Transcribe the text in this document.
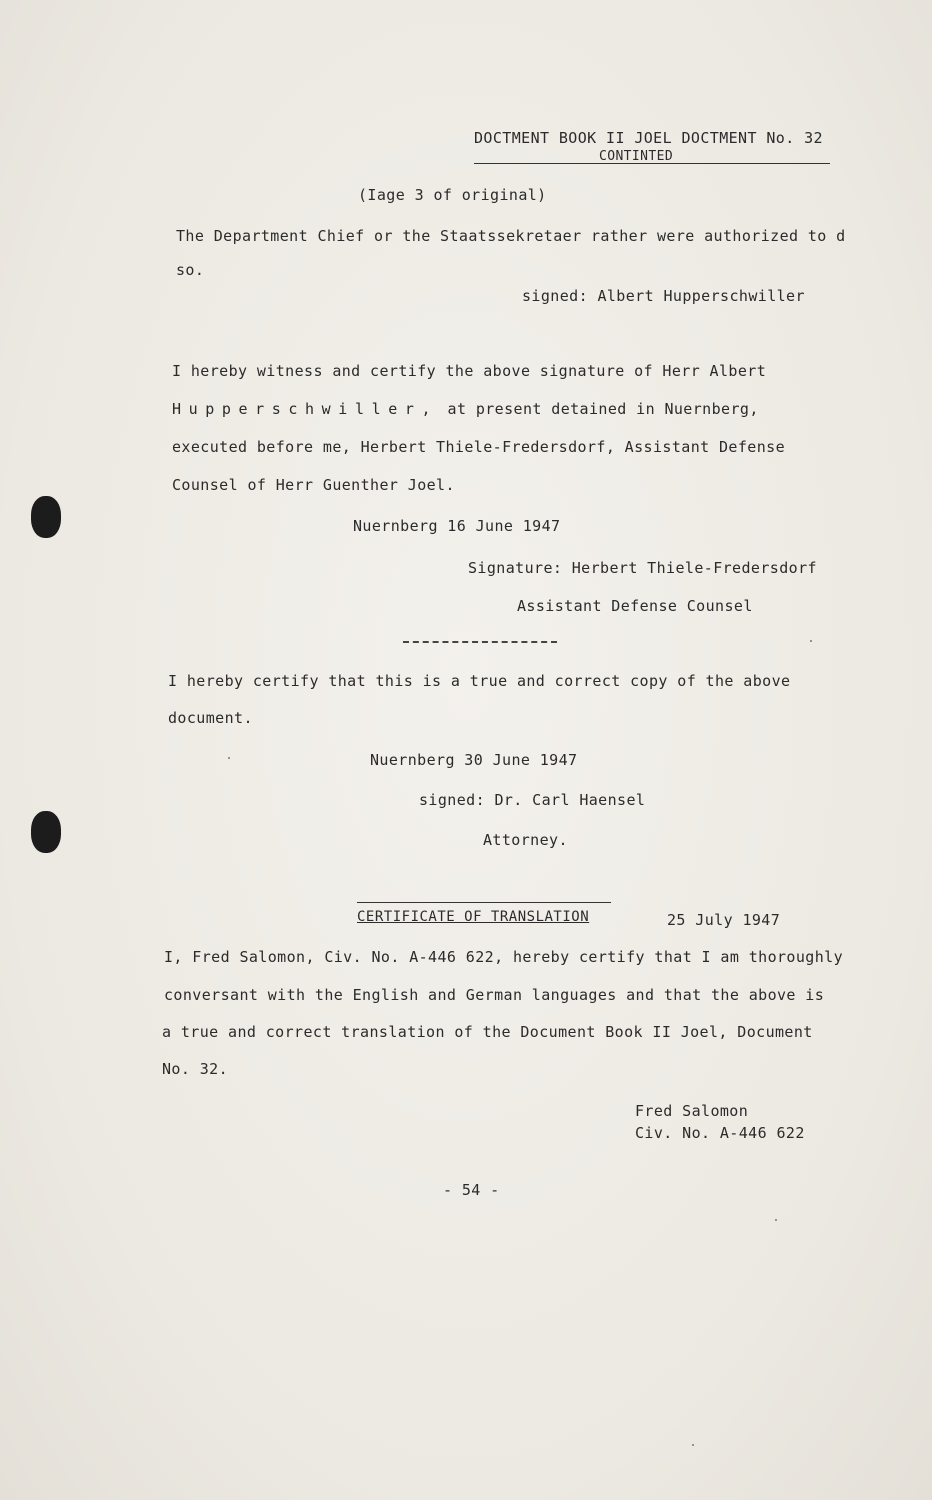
DOCTMENT BOOK II JOEL DOCTMENT No. 32
CONTINTED
(Iage 3 of original)
The Department Chief or the Staatssekretaer rather were authorized to d
so.
signed: Albert Hupperschwiller
I hereby witness and certify the above signature of Herr Albert
Hupperschwiller, at present detained in Nuernberg,
executed before me, Herbert Thiele-Fredersdorf, Assistant Defense
Counsel of Herr Guenther Joel.
Nuernberg 16 June 1947
Signature: Herbert Thiele-Fredersdorf
Assistant Defense Counsel
I hereby certify that this is a true and correct copy of the above
document.
Nuernberg 30 June 1947
signed: Dr. Carl Haensel
Attorney.
CERTIFICATE OF TRANSLATION	25 July 1947
I, Fred Salomon, Civ. No. A-446 622, hereby certify that I am thoroughly
conversant with the English and German languages and that the above is
a true and correct translation of the Document Book II Joel, Document
No. 32.
Fred Salomon
Civ. No. A-446 622
- 54 -
